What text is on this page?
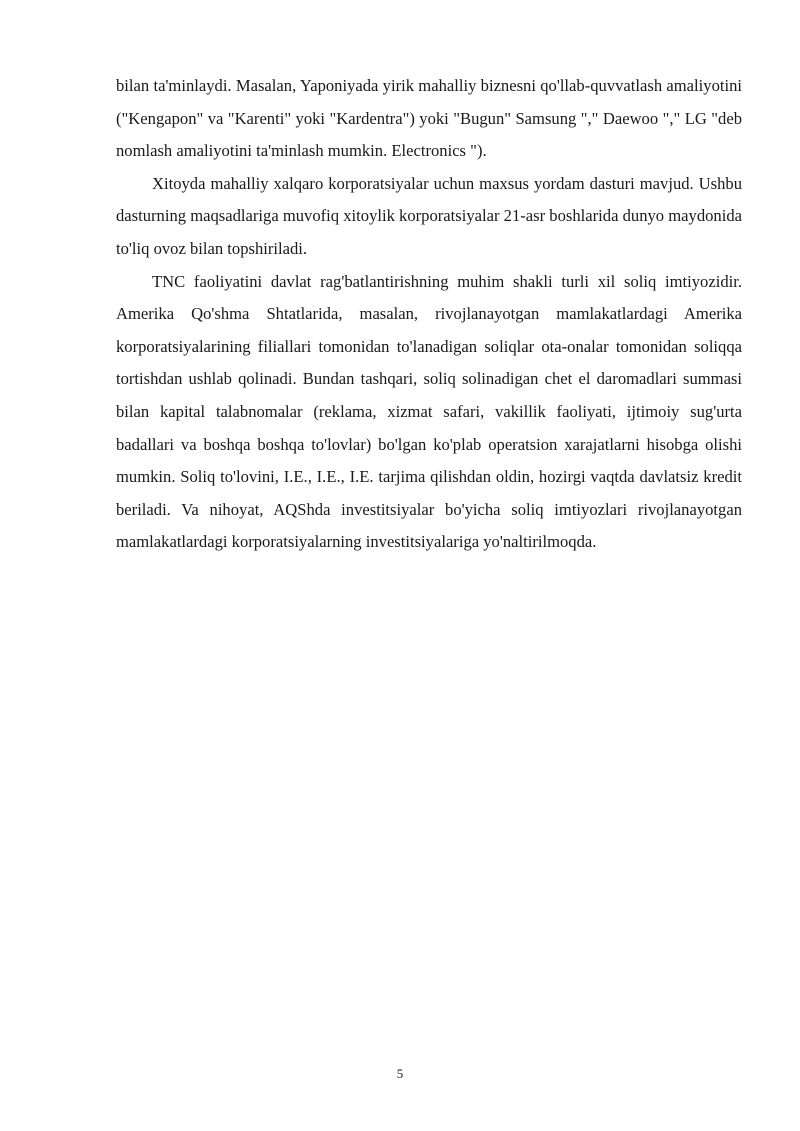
bilan ta'minlaydi. Masalan, Yaponiyada yirik mahalliy biznesni qo'llab-quvvatlash amaliyotini ("Kengapon" va "Karenti" yoki "Kardentra") yoki "Bugun" Samsung "," Daewoo "," LG "deb nomlash amaliyotini ta'minlash mumkin. Electronics ").

Xitoyda mahalliy xalqaro korporatsiyalar uchun maxsus yordam dasturi mavjud. Ushbu dasturning maqsadlariga muvofiq xitoylik korporatsiyalar 21-asr boshlarida dunyo maydonida to'liq ovoz bilan topshiriladi.

TNC faoliyatini davlat rag'batlantirishning muhim shakli turli xil soliq imtiyozidir. Amerika Qo'shma Shtatlarida, masalan, rivojlanayotgan mamlakatlardagi Amerika korporatsiyalarining filiallari tomonidan to'lanadigan soliqlar ota-onalar tomonidan soliqqa tortishdan ushlab qolinadi. Bundan tashqari, soliq solinadigan chet el daromadlari summasi bilan kapital talabnomalar (reklama, xizmat safari, vakillik faoliyati, ijtimoiy sug'urta badallari va boshqa boshqa to'lovlar) bo'lgan ko'plab operatsion xarajatlarni hisobga olishi mumkin. Soliq to'lovini, I.E., I.E., I.E. tarjima qilishdan oldin, hozirgi vaqtda davlatsiz kredit beriladi. Va nihoyat, AQShda investitsiyalar bo'yicha soliq imtiyozlari rivojlanayotgan mamlakatlardagi korporatsiyalarning investitsiyalariga yo'naltirilmoqda.

5
